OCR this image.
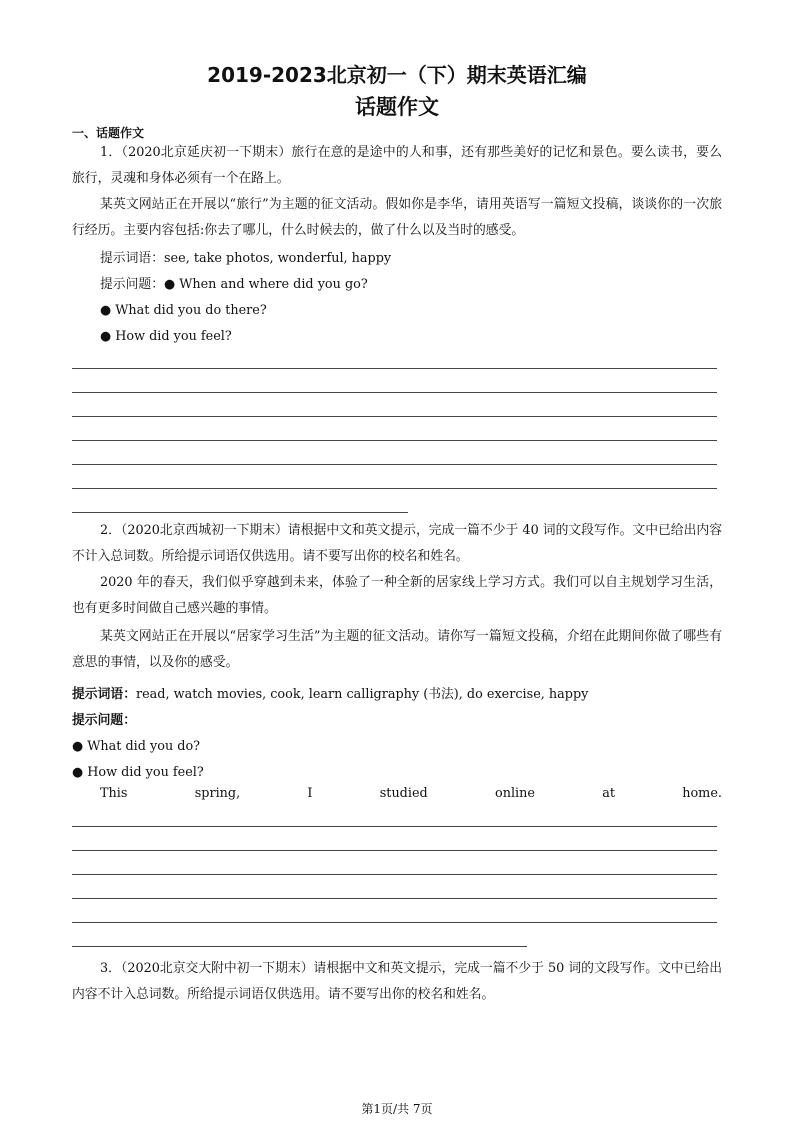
2019-2023北京初一（下）期末英语汇编
话题作文
一、话题作文

1．（2020北京延庆初一下期末）旅行在意的是途中的人和事，还有那些美好的记忆和景色。要么读书，要么旅行，灵魂和身体必须有一个在路上。

某英文网站正在开展以“旅行”为主题的征文活动。假如你是李华，请用英语写一篇短文投稿，谈谈你的一次旅行经历。主要内容包括:你去了哪儿，什么时候去的，做了什么以及当时的感受。

提示词语：see, take photos, wonderful, happy

提示问题：● When and where did you go?

● What did you do there?

● How did you feel?

2．（2020北京西城初一下期末）请根据中文和英文提示，完成一篇不少于 40 词的文段写作。文中已给出内容不计入总词数。所给提示词语仅供选用。请不要写出你的校名和姓名。

2020 年的春天，我们似乎穿越到未来，体验了一种全新的居家线上学习方式。我们可以自主规划学习生活，也有更多时间做自己感兴趣的事情。

某英文网站正在开展以“居家学习生活”为主题的征文活动。请你写一篇短文投稿，介绍在此期间你做了哪些有意思的事情，以及你的感受。

提示词语：read, watch movies, cook, learn calligraphy (书法), do exercise, happy

提示问题：

● What did you do?

● How did you feel?

This	spring,	I	studied	online	at	home.

3．（2020北京交大附中初一下期末）请根据中文和英文提示，完成一篇不少于 50 词的文段写作。文中已给出内容不计入总词数。所给提示词语仅供选用。请不要写出你的校名和姓名。

第1页/共 7页
